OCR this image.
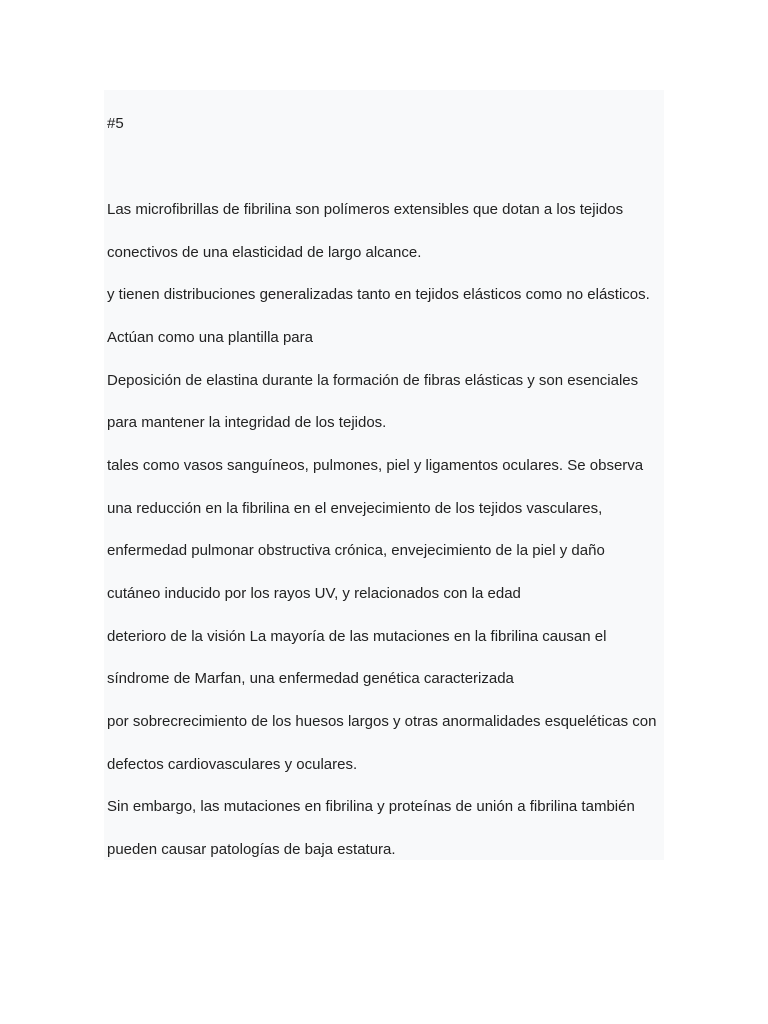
#5

Las microfibrillas de fibrilina son polímeros extensibles que dotan a los tejidos
conectivos de una elasticidad de largo alcance.
y tienen distribuciones generalizadas tanto en tejidos elásticos como no elásticos.
Actúan como una plantilla para
Deposición de elastina durante la formación de fibras elásticas y son esenciales
para mantener la integridad de los tejidos.
tales como vasos sanguíneos, pulmones, piel y ligamentos oculares. Se observa
una reducción en la fibrilina en el envejecimiento de los tejidos vasculares,
enfermedad pulmonar obstructiva crónica, envejecimiento de la piel y daño
cutáneo inducido por los rayos UV, y relacionados con la edad
deterioro de la visión La mayoría de las mutaciones en la fibrilina causan el
síndrome de Marfan, una enfermedad genética caracterizada
por sobrecrecimiento de los huesos largos y otras anormalidades esqueléticas con
defectos cardiovasculares y oculares.
Sin embargo, las mutaciones en fibrilina y proteínas de unión a fibrilina también
pueden causar patologías de baja estatura.
